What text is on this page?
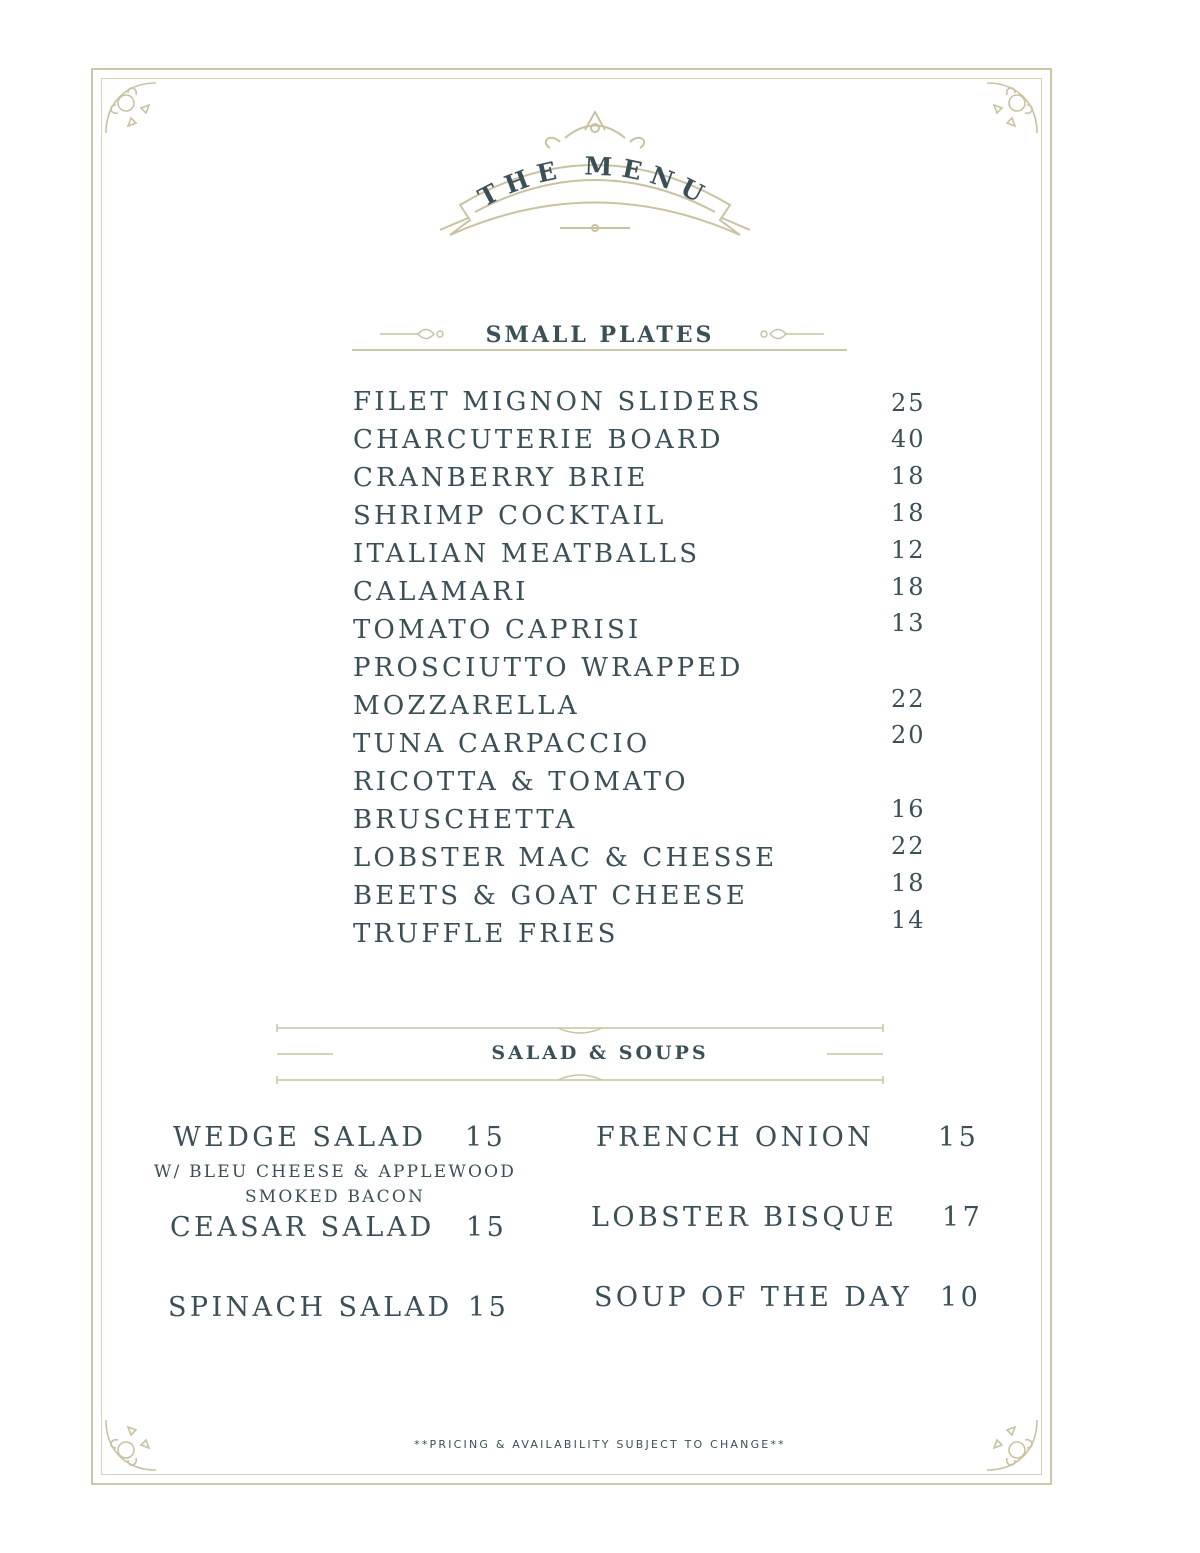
THE MENU
SMALL PLATES
FILET MIGNON SLIDERS	25
CHARCUTERIE BOARD	40
CRANBERRY BRIE	18
SHRIMP COCKTAIL	18
ITALIAN MEATBALLS	12
CALAMARI	18
TOMATO CAPRISI	13
PROSCIUTTO WRAPPED MOZZARELLA	22
TUNA CARPACCIO	20
RICOTTA & TOMATO BRUSCHETTA	16
LOBSTER MAC & CHESSE	22
BEETS & GOAT CHEESE	18
TRUFFLE FRIES	14
SALAD & SOUPS
WEDGE SALAD 15
W/ BLEU CHEESE & APPLEWOOD SMOKED BACON
CEASAR SALAD 15
SPINACH SALAD 15
FRENCH ONION 15
LOBSTER BISQUE 17
SOUP OF THE DAY 10
**PRICING & AVAILABILITY SUBJECT TO CHANGE**
